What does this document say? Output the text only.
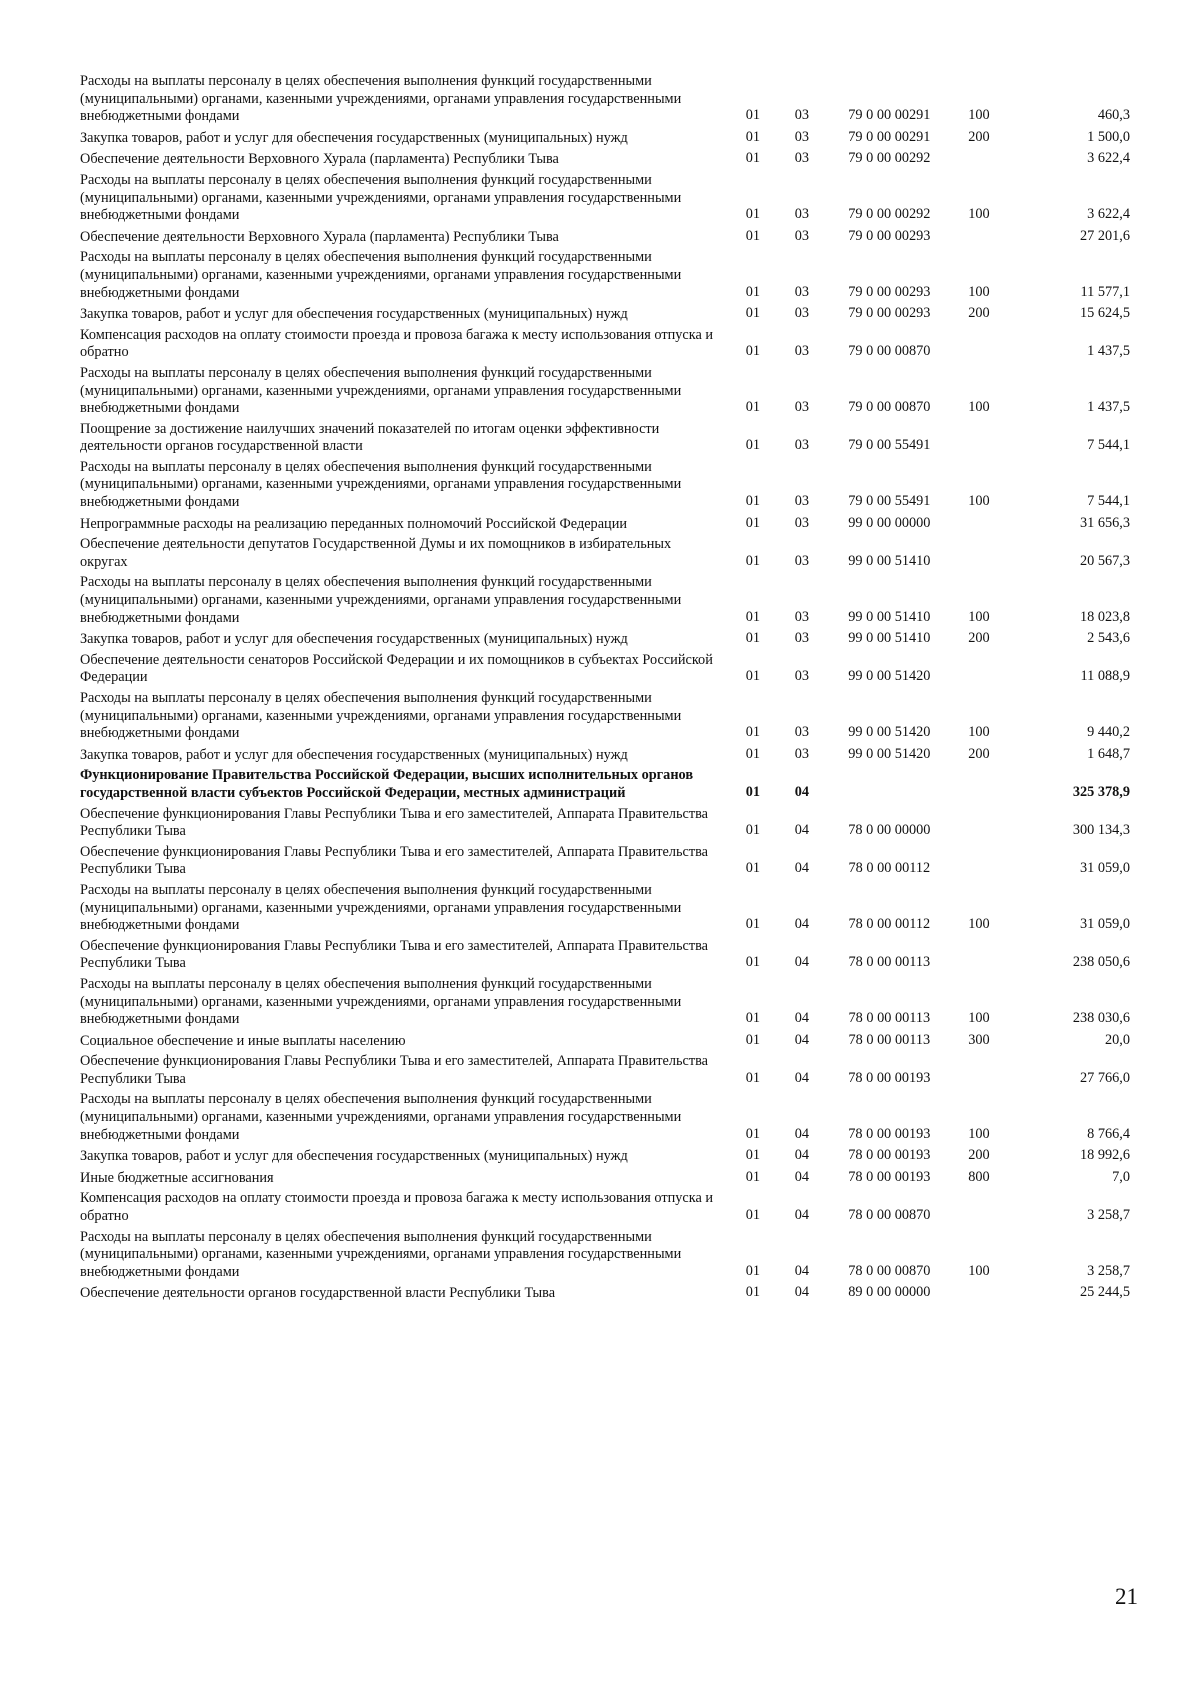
Расходы на выплаты персоналу в целях обеспечения выполнения функций государственными (муниципальными) органами, казенными учреждениями, органами управления государственными внебюджетными фондами	01	03	79 0 00 00291	100	460,3
Закупка товаров, работ и услуг для обеспечения государственных (муниципальных) нужд	01	03	79 0 00 00291	200	1 500,0
Обеспечение деятельности Верховного Хурала (парламента) Республики Тыва	01	03	79 0 00 00292		3 622,4
Расходы на выплаты персоналу в целях обеспечения выполнения функций государственными (муниципальными) органами, казенными учреждениями, органами управления государственными внебюджетными фондами	01	03	79 0 00 00292	100	3 622,4
Обеспечение деятельности Верховного Хурала (парламента) Республики Тыва	01	03	79 0 00 00293		27 201,6
Расходы на выплаты персоналу в целях обеспечения выполнения функций государственными (муниципальными) органами, казенными учреждениями, органами управления государственными внебюджетными фондами	01	03	79 0 00 00293	100	11 577,1
Закупка товаров, работ и услуг для обеспечения государственных (муниципальных) нужд	01	03	79 0 00 00293	200	15 624,5
Компенсация расходов на оплату стоимости проезда и провоза багажа к месту использования отпуска и обратно	01	03	79 0 00 00870		1 437,5
Расходы на выплаты персоналу в целях обеспечения выполнения функций государственными (муниципальными) органами, казенными учреждениями, органами управления государственными внебюджетными фондами	01	03	79 0 00 00870	100	1 437,5
Поощрение за достижение наилучших значений показателей по итогам оценки эффективности деятельности органов государственной власти	01	03	79 0 00 55491		7 544,1
Расходы на выплаты персоналу в целях обеспечения выполнения функций государственными (муниципальными) органами, казенными учреждениями, органами управления государственными внебюджетными фондами	01	03	79 0 00 55491	100	7 544,1
Непрограммные расходы на реализацию переданных полномочий Российской Федерации	01	03	99 0 00 00000		31 656,3
Обеспечение деятельности депутатов Государственной Думы и их помощников в избирательных округах	01	03	99 0 00 51410		20 567,3
Расходы на выплаты персоналу в целях обеспечения выполнения функций государственными (муниципальными) органами, казенными учреждениями, органами управления государственными внебюджетными фондами	01	03	99 0 00 51410	100	18 023,8
Закупка товаров, работ и услуг для обеспечения государственных (муниципальных) нужд	01	03	99 0 00 51410	200	2 543,6
Обеспечение деятельности сенаторов Российской Федерации и их помощников в субъектах Российской Федерации	01	03	99 0 00 51420		11 088,9
Расходы на выплаты персоналу в целях обеспечения выполнения функций государственными (муниципальными) органами, казенными учреждениями, органами управления государственными внебюджетными фондами	01	03	99 0 00 51420	100	9 440,2
Закупка товаров, работ и услуг для обеспечения государственных (муниципальных) нужд	01	03	99 0 00 51420	200	1 648,7
Функционирование Правительства Российской Федерации, высших исполнительных органов государственной власти субъектов Российской Федерации, местных администраций	01	04			325 378,9
Обеспечение функционирования Главы Республики Тыва и его заместителей, Аппарата Правительства Республики Тыва	01	04	78 0 00 00000		300 134,3
Обеспечение функционирования Главы Республики Тыва и его заместителей, Аппарата Правительства Республики Тыва	01	04	78 0 00 00112		31 059,0
Расходы на выплаты персоналу в целях обеспечения выполнения функций государственными (муниципальными) органами, казенными учреждениями, органами управления государственными внебюджетными фондами	01	04	78 0 00 00112	100	31 059,0
Обеспечение функционирования Главы Республики Тыва и его заместителей, Аппарата Правительства Республики Тыва	01	04	78 0 00 00113		238 050,6
Расходы на выплаты персоналу в целях обеспечения выполнения функций государственными (муниципальными) органами, казенными учреждениями, органами управления государственными внебюджетными фондами	01	04	78 0 00 00113	100	238 030,6
Социальное обеспечение и иные выплаты населению	01	04	78 0 00 00113	300	20,0
Обеспечение функционирования Главы Республики Тыва и его заместителей, Аппарата Правительства Республики Тыва	01	04	78 0 00 00193		27 766,0
Расходы на выплаты персоналу в целях обеспечения выполнения функций государственными (муниципальными) органами, казенными учреждениями, органами управления государственными внебюджетными фондами	01	04	78 0 00 00193	100	8 766,4
Закупка товаров, работ и услуг для обеспечения государственных (муниципальных) нужд	01	04	78 0 00 00193	200	18 992,6
Иные бюджетные ассигнования	01	04	78 0 00 00193	800	7,0
Компенсация расходов на оплату стоимости проезда и провоза багажа к месту использования отпуска и обратно	01	04	78 0 00 00870		3 258,7
Расходы на выплаты персоналу в целях обеспечения выполнения функций государственными (муниципальными) органами, казенными учреждениями, органами управления государственными внебюджетными фондами	01	04	78 0 00 00870	100	3 258,7
Обеспечение деятельности органов государственной власти Республики Тыва	01	04	89 0 00 00000		25 244,5
21
